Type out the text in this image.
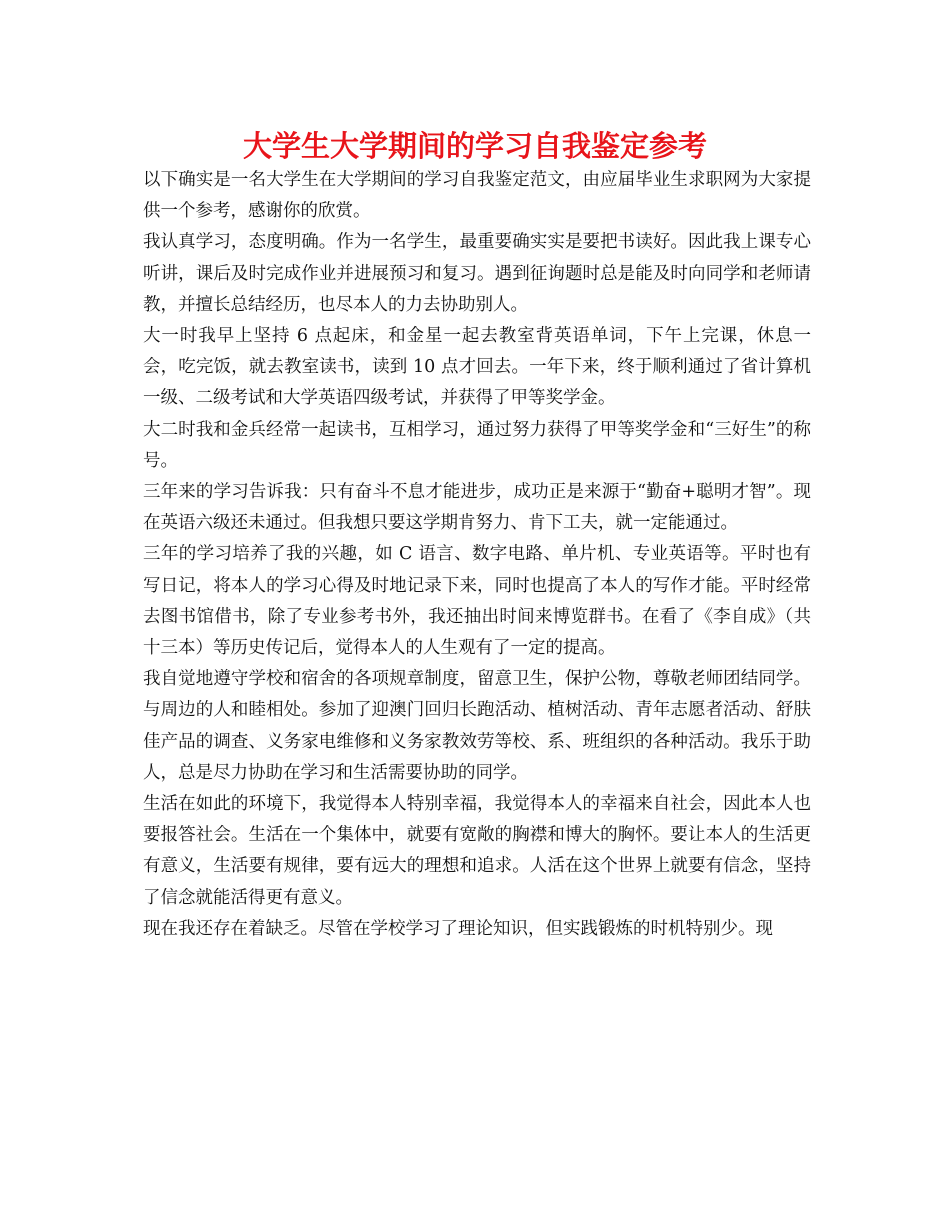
大学生大学期间的学习自我鉴定参考

以下确实是一名大学生在大学期间的学习自我鉴定范文，由应届毕业生求职网为大家提供一个参考，感谢你的欣赏。

我认真学习，态度明确。作为一名学生，最重要确实实是要把书读好。因此我上课专心听讲，课后及时完成作业并进展预习和复习。遇到征询题时总是能及时向同学和老师请教，并擅长总结经历，也尽本人的力去协助别人。

大一时我早上坚持 6 点起床，和金星一起去教室背英语单词，下午上完课，休息一会，吃完饭，就去教室读书，读到 10 点才回去。一年下来，终于顺利通过了省计算机一级、二级考试和大学英语四级考试，并获得了甲等奖学金。

大二时我和金兵经常一起读书，互相学习，通过努力获得了甲等奖学金和“三好生”的称号。

三年来的学习告诉我：只有奋斗不息才能进步，成功正是来源于“勤奋+聪明才智”。现在英语六级还未通过。但我想只要这学期肯努力、肯下工夫，就一定能通过。

三年的学习培养了我的兴趣，如 C 语言、数字电路、单片机、专业英语等。平时也有写日记，将本人的学习心得及时地记录下来，同时也提高了本人的写作才能。平时经常去图书馆借书，除了专业参考书外，我还抽出时间来博览群书。在看了《李自成》（共十三本）等历史传记后，觉得本人的人生观有了一定的提高。

我自觉地遵守学校和宿舍的各项规章制度，留意卫生，保护公物，尊敬老师团结同学。与周边的人和睦相处。参加了迎澳门回归长跑活动、植树活动、青年志愿者活动、舒肤佳产品的调查、义务家电维修和义务家教效劳等校、系、班组织的各种活动。我乐于助人，总是尽力协助在学习和生活需要协助的同学。

生活在如此的环境下，我觉得本人特别幸福，我觉得本人的幸福来自社会，因此本人也要报答社会。生活在一个集体中，就要有宽敞的胸襟和博大的胸怀。要让本人的生活更有意义，生活要有规律，要有远大的理想和追求。人活在这个世界上就要有信念，坚持了信念就能活得更有意义。

现在我还存在着缺乏。尽管在学校学习了理论知识，但实践锻炼的时机特别少。现
